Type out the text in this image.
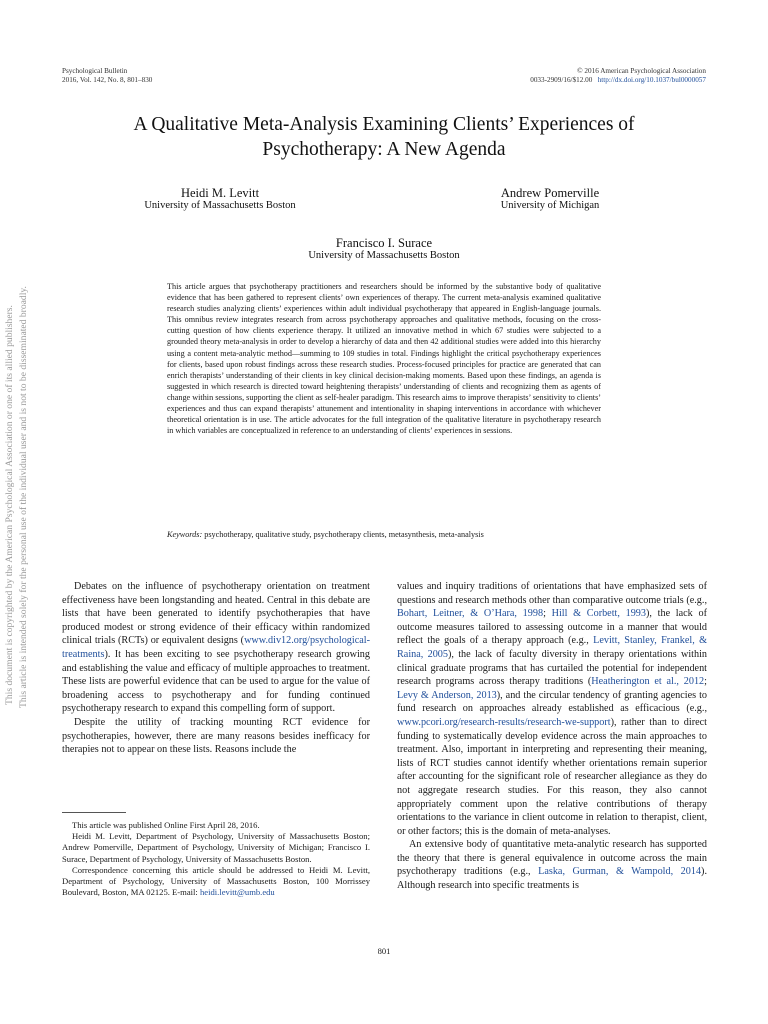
Psychological Bulletin
2016, Vol. 142, No. 8, 801–830
© 2016 American Psychological Association
0033-2909/16/$12.00 http://dx.doi.org/10.1037/bul0000057
A Qualitative Meta-Analysis Examining Clients’ Experiences of
Psychotherapy: A New Agenda
Heidi M. Levitt
University of Massachusetts Boston
Andrew Pomerville
University of Michigan
Francisco I. Surace
University of Massachusetts Boston
This article argues that psychotherapy practitioners and researchers should be informed by the substantive body of qualitative evidence that has been gathered to represent clients’ own experiences of therapy. The current meta-analysis examined qualitative research studies analyzing clients’ experiences within adult individual psychotherapy that appeared in English-language journals. This omnibus review integrates research from across psychotherapy approaches and qualitative methods, focusing on the cross-cutting question of how clients experience therapy. It utilized an innovative method in which 67 studies were subjected to a grounded theory meta-analysis in order to develop a hierarchy of data and then 42 additional studies were added into this hierarchy using a content meta-analytic method—summing to 109 studies in total. Findings highlight the critical psychotherapy experiences for clients, based upon robust findings across these research studies. Process-focused principles for practice are generated that can enrich therapists’ understanding of their clients in key clinical decision-making moments. Based upon these findings, an agenda is suggested in which research is directed toward heightening therapists’ understanding of clients and recognizing them as agents of change within sessions, supporting the client as self-healer paradigm. This research aims to improve therapists’ sensitivity to clients’ experiences and thus can expand therapists’ attunement and intentionality in shaping interventions in accordance with whichever theoretical orientation is in use. The article advocates for the full integration of the qualitative literature in psychotherapy research in which variables are conceptualized in reference to an understanding of clients’ experiences in sessions.
Keywords: psychotherapy, qualitative study, psychotherapy clients, metasynthesis, meta-analysis

Debates on the influence of psychotherapy orientation on treatment effectiveness have been longstanding and heated. Central in this debate are lists that have been generated to identify psychotherapies that have produced modest or strong evidence of their efficacy within randomized clinical trials (RCTs) or equivalent designs (www.div12.org/psychological-treatments). It has been exciting to see psychotherapy research growing and establishing the value and efficacy of multiple approaches to treatment. These lists are powerful evidence that can be used to argue for the value of broadening access to psychotherapy and for funding continued psychotherapy research to expand this compelling form of support.

Despite the utility of tracking mounting RCT evidence for psychotherapies, however, there are many reasons besides inefficacy for therapies not to appear on these lists. Reasons include the

values and inquiry traditions of orientations that have emphasized sets of questions and research methods other than comparative outcome trials (e.g., Bohart, Leitner, & O’Hara, 1998; Hill & Corbett, 1993), the lack of outcome measures tailored to assessing outcome in a manner that would reflect the goals of a therapy approach (e.g., Levitt, Stanley, Frankel, & Raina, 2005), the lack of faculty diversity in therapy orientations within clinical graduate programs that has curtailed the potential for independent research programs across therapy traditions (Heatherington et al., 2012; Levy & Anderson, 2013), and the circular tendency of granting agencies to fund research on approaches already established as efficacious (e.g., www.pcori.org/research-results/research-we-support), rather than to direct funding to systematically develop evidence across the main approaches to treatment. Also, important in interpreting and representing their meaning, lists of RCT studies cannot identify whether orientations remain superior after accounting for the significant role of researcher allegiance as they do not aggregate research studies. For this reason, they also cannot appropriately comment upon the relative contributions of therapy orientations to the variance in client outcome in relation to therapist, client, or other factors; this is the domain of meta-analyses.

An extensive body of quantitative meta-analytic research has supported the theory that there is general equivalence in outcome across the main psychotherapy traditions (e.g., Laska, Gurman, & Wampold, 2014). Although research into specific treatments is

This article was published Online First April 28, 2016.

Heidi M. Levitt, Department of Psychology, University of Massachusetts Boston; Andrew Pomerville, Department of Psychology, University of Michigan; Francisco I. Surace, Department of Psychology, University of Massachusetts Boston.

Correspondence concerning this article should be addressed to Heidi M. Levitt, Department of Psychology, University of Massachusetts Boston, 100 Morrissey Boulevard, Boston, MA 02125. E-mail: heidi.levitt@umb.edu

801
This document is copyrighted by the American Psychological Association or one of its allied publishers. This article is intended solely for the personal use of the individual user and is not to be disseminated broadly.
